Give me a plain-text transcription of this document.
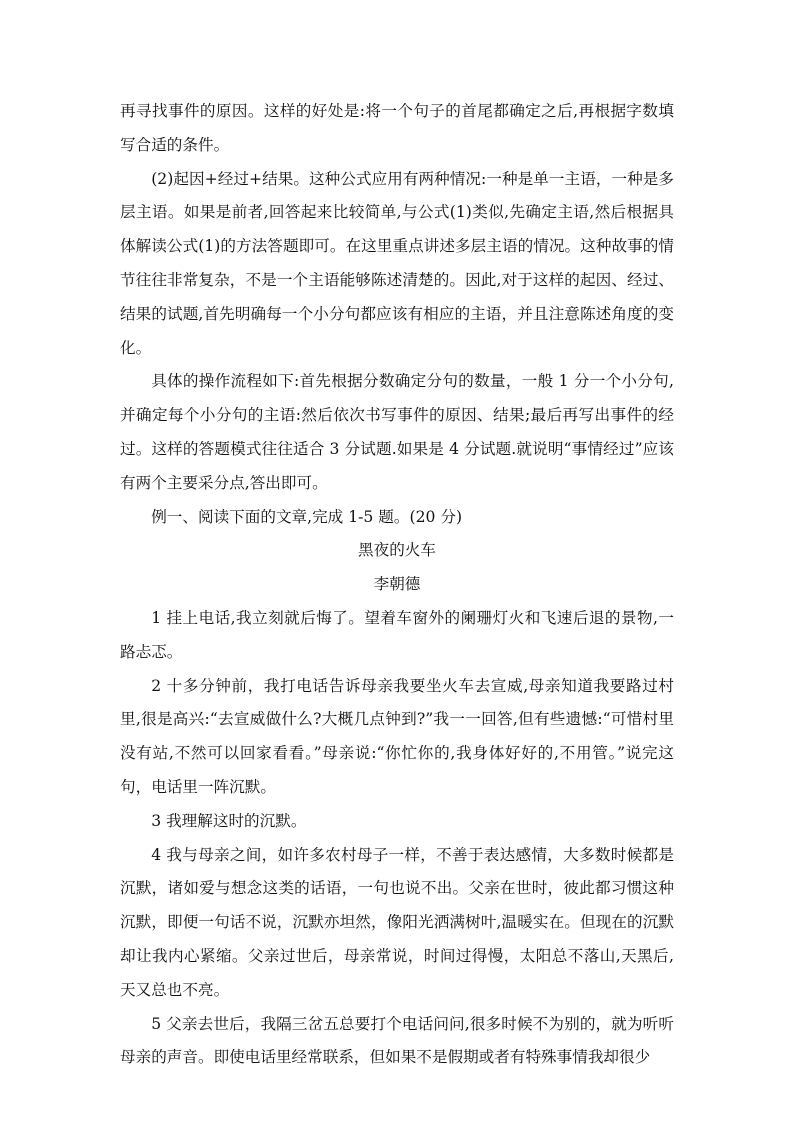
再寻找事件的原因。这样的好处是:将一个句子的首尾都确定之后,再根据字数填写合适的条件。

(2)起因+经过+结果。这种公式应用有两种情况:一种是单一主语，一种是多层主语。如果是前者,回答起来比较简单,与公式(1)类似,先确定主语,然后根据具体解读公式(1)的方法答题即可。在这里重点讲述多层主语的情况。这种故事的情节往往非常复杂，不是一个主语能够陈述清楚的。因此,对于这样的起因、经过、结果的试题,首先明确每一个小分句都应该有相应的主语，并且注意陈述角度的变化。

具体的操作流程如下:首先根据分数确定分句的数量，一般 1 分一个小分句,并确定每个小分句的主语:然后依次书写事件的原因、结果;最后再写出事件的经过。这样的答题模式往往适合 3 分试题.如果是 4 分试题.就说明“事情经过”应该有两个主要采分点,答出即可。

例一、阅读下面的文章,完成 1-5 题。(20 分)

黑夜的火车

李朝德

1 挂上电话,我立刻就后悔了。望着车窗外的阑珊灯火和飞速后退的景物,一路忐忑。

2 十多分钟前，我打电话告诉母亲我要坐火车去宣威,母亲知道我要路过村里,很是高兴:“去宣威做什么?大概几点钟到?”我一一回答,但有些遗憾:“可惜村里没有站,不然可以回家看看。”母亲说:“你忙你的,我身体好好的,不用管。”说完这句，电话里一阵沉默。

3 我理解这时的沉默。

4 我与母亲之间，如许多农村母子一样，不善于表达感情，大多数时候都是沉默，诸如爱与想念这类的话语，一句也说不出。父亲在世时，彼此都习惯这种沉默，即便一句话不说，沉默亦坦然，像阳光洒满树叶,温暖实在。但现在的沉默却让我内心紧缩。父亲过世后，母亲常说，时间过得慢，太阳总不落山,天黑后,天又总也不亮。

5 父亲去世后，我隔三岔五总要打个电话问问,很多时候不为别的，就为听听母亲的声音。即使电话里经常联系，但如果不是假期或者有特殊事情我却很少
